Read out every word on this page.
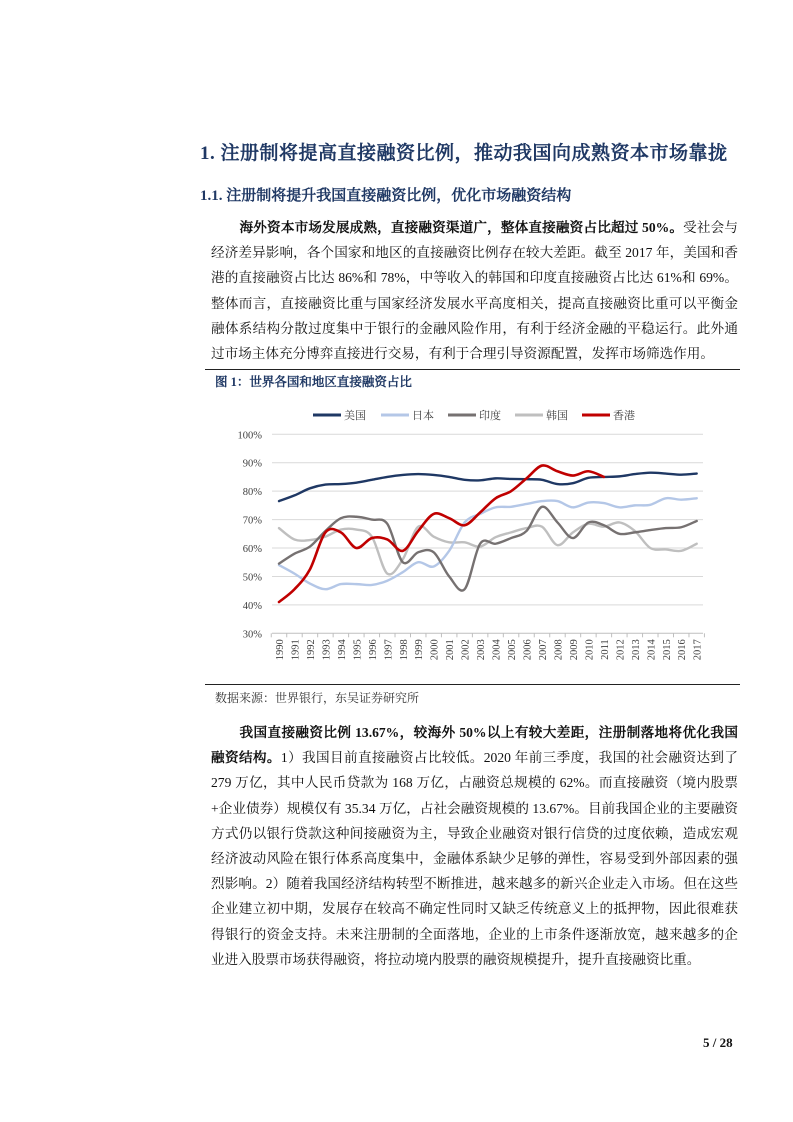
1. 注册制将提高直接融资比例，推动我国向成熟资本市场靠拢
1.1. 注册制将提升我国直接融资比例，优化市场融资结构
海外资本市场发展成熟，直接融资渠道广，整体直接融资占比超过 50%。受社会与经济差异影响，各个国家和地区的直接融资比例存在较大差距。截至 2017 年，美国和香港的直接融资占比达 86%和 78%，中等收入的韩国和印度直接融资占比达 61%和 69%。整体而言，直接融资比重与国家经济发展水平高度相关，提高直接融资比重可以平衡金融体系结构分散过度集中于银行的金融风险作用，有利于经济金融的平稳运行。此外通过市场主体充分博弈直接进行交易，有利于合理引导资源配置，发挥市场筛选作用。
图 1：世界各国和地区直接融资占比
30%
40%
50%
60%
70%
80%
90%
100%
1990 1991 1992 1993 1994 1995 1996 1997 1998 1999 2000 2001 2002 2003 2004 2005 2006 2007 2008 2009 2010 2011 2012 2013 2014 2015 2016 2017
美国	日本	印度	韩国	香港
数据来源：世界银行，东吴证券研究所
我国直接融资比例 13.67%，较海外 50%以上有较大差距，注册制落地将优化我国融资结构。1）我国目前直接融资占比较低。2020 年前三季度，我国的社会融资达到了 279 万亿，其中人民币贷款为 168 万亿，占融资总规模的 62%。而直接融资（境内股票+企业债券）规模仅有 35.34 万亿，占社会融资规模的 13.67%。目前我国企业的主要融资方式仍以银行贷款这种间接融资为主，导致企业融资对银行信贷的过度依赖，造成宏观经济波动风险在银行体系高度集中，金融体系缺少足够的弹性，容易受到外部因素的强烈影响。2）随着我国经济结构转型不断推进，越来越多的新兴企业走入市场。但在这些企业建立初中期，发展存在较高不确定性同时又缺乏传统意义上的抵押物，因此很难获得银行的资金支持。未来注册制的全面落地，企业的上市条件逐渐放宽，越来越多的企业进入股票市场获得融资，将拉动境内股票的融资规模提升，提升直接融资比重。
5 / 28
